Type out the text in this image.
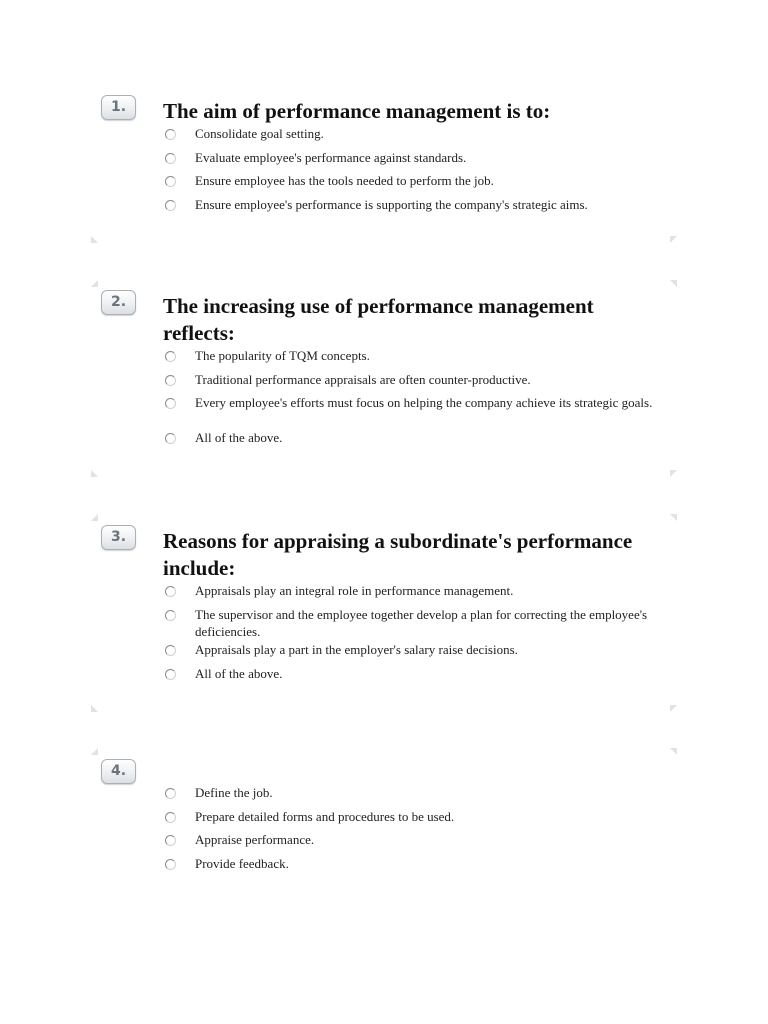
1.	The aim of performance management is to:
Consolidate goal setting.
Evaluate employee's performance against standards.
Ensure employee has the tools needed to perform the job.
Ensure employee's performance is supporting the company's strategic aims.
2.	The increasing use of performance management reflects:
The popularity of TQM concepts.
Traditional performance appraisals are often counter-productive.
Every employee's efforts must focus on helping the company achieve its strategic goals.
All of the above.
3.	Reasons for appraising a subordinate's performance include:
Appraisals play an integral role in performance management.
The supervisor and the employee together develop a plan for correcting the employee's deficiencies.
Appraisals play a part in the employer's salary raise decisions.
All of the above.
4.
Define the job.
Prepare detailed forms and procedures to be used.
Appraise performance.
Provide feedback.
